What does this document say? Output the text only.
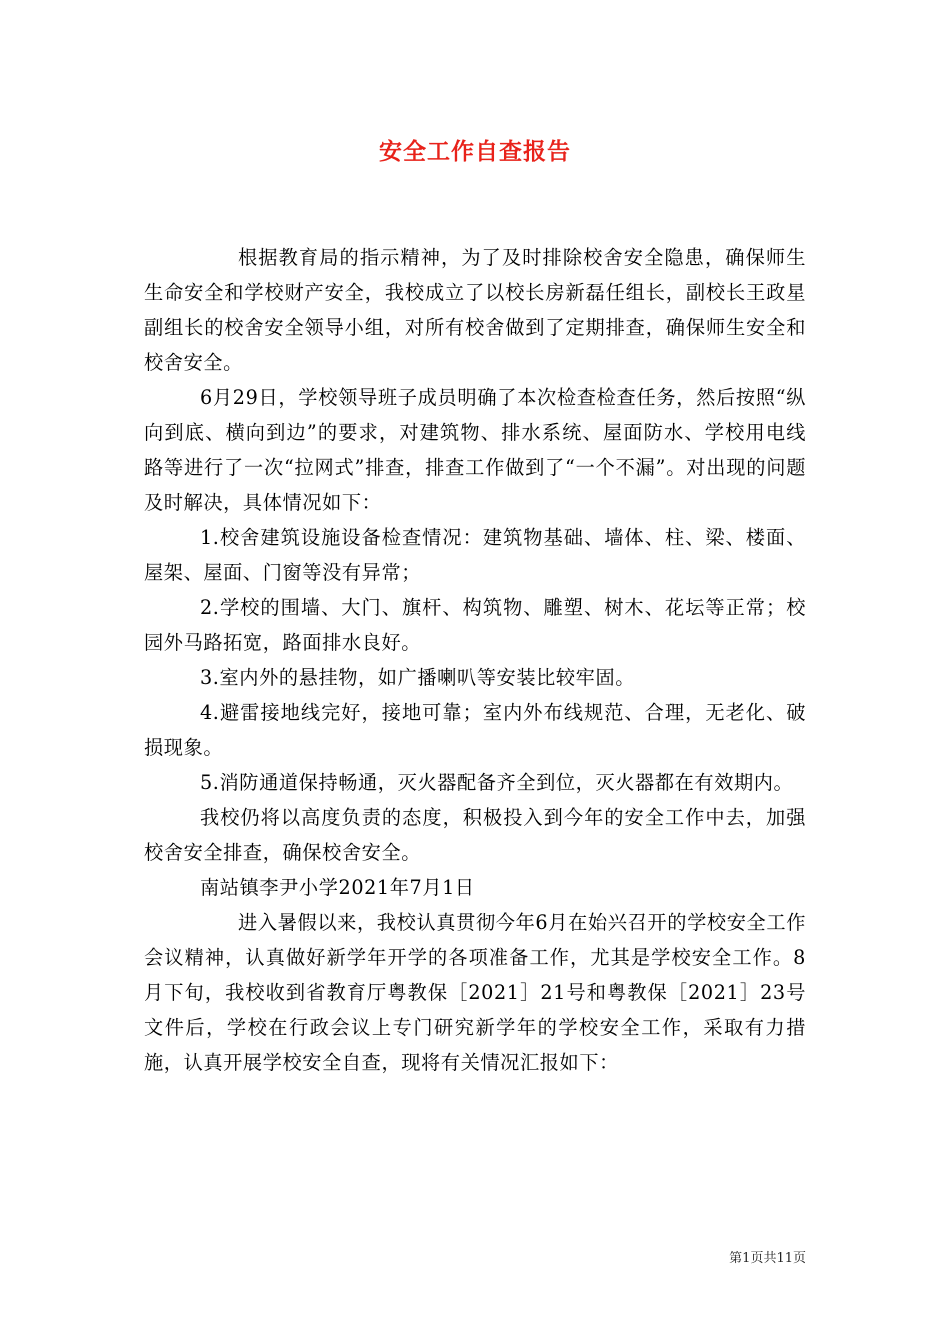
安全工作自查报告

根据教育局的指示精神，为了及时排除校舍安全隐患，确保师生生命安全和学校财产安全，我校成立了以校长房新磊任组长，副校长王政星副组长的校舍安全领导小组，对所有校舍做到了定期排查，确保师生安全和校舍安全。

6月29日，学校领导班子成员明确了本次检查检查任务，然后按照“纵向到底、横向到边”的要求，对建筑物、排水系统、屋面防水、学校用电线路等进行了一次“拉网式”排查，排查工作做到了“一个不漏”。对出现的问题及时解决，具体情况如下：

1.校舍建筑设施设备检查情况：建筑物基础、墙体、柱、梁、楼面、屋架、屋面、门窗等没有异常；

2.学校的围墙、大门、旗杆、构筑物、雕塑、树木、花坛等正常；校园外马路拓宽，路面排水良好。

3.室内外的悬挂物，如广播喇叭等安装比较牢固。

4.避雷接地线完好，接地可靠；室内外布线规范、合理，无老化、破损现象。

5.消防通道保持畅通，灭火器配备齐全到位，灭火器都在有效期内。

我校仍将以高度负责的态度，积极投入到今年的安全工作中去，加强校舍安全排查，确保校舍安全。

南站镇李尹小学2021年7月1日

进入暑假以来，我校认真贯彻今年6月在始兴召开的学校安全工作会议精神，认真做好新学年开学的各项准备工作，尤其是学校安全工作。8月下旬，我校收到省教育厅粤教保［2021］21号和粤教保［2021］23号文件后，学校在行政会议上专门研究新学年的学校安全工作，采取有力措施，认真开展学校安全自查，现将有关情况汇报如下：

第1页共11页
